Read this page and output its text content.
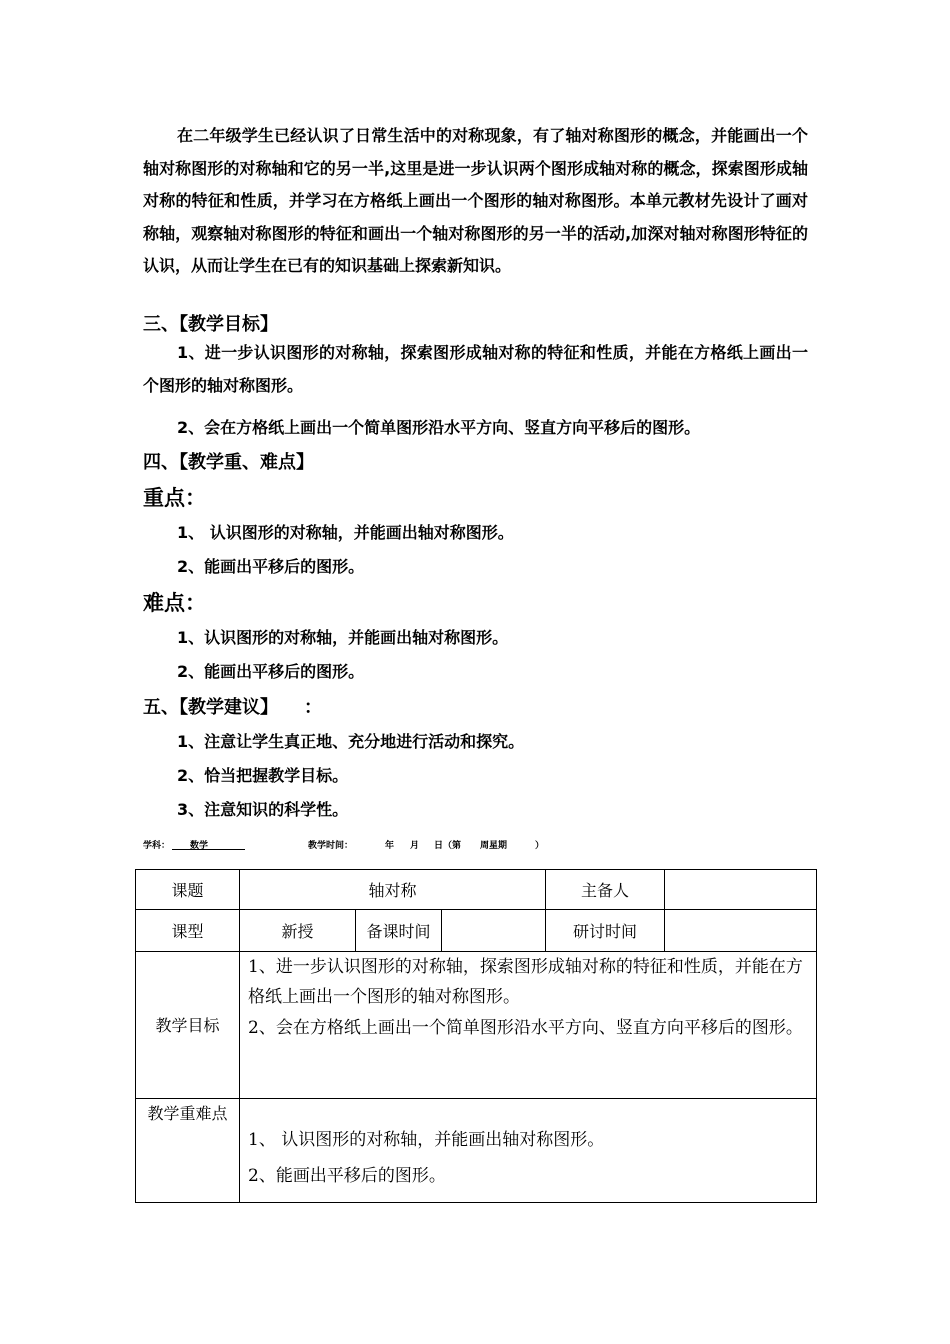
在二年级学生已经认识了日常生活中的对称现象，有了轴对称图形的概念，并能画出一个轴对称图形的对称轴和它的另一半,这里是进一步认识两个图形成轴对称的概念，探索图形成轴对称的特征和性质，并学习在方格纸上画出一个图形的轴对称图形。本单元教材先设计了画对称轴，观察轴对称图形的特征和画出一个轴对称图形的另一半的活动,加深对轴对称图形特征的认识，从而让学生在已有的知识基础上探索新知识。

三、【教学目标】

1、进一步认识图形的对称轴，探索图形成轴对称的特征和性质，并能在方格纸上画出一个图形的轴对称图形。

2、会在方格纸上画出一个简单图形沿水平方向、竖直方向平移后的图形。
四、【教学重、难点】
重点：
1、 认识图形的对称轴，并能画出轴对称图形。
2、能画出平移后的图形。
难点：
1、认识图形的对称轴，并能画出轴对称图形。
2、能画出平移后的图形。
五、【教学建议】 ：
1、注意让学生真正地、充分地进行活动和探究。
2、恰当把握教学目标。
3、注意知识的科学性。
学科：	数学	教学时间：	年 月 日（第 周星期	）
课题	轴对称			主备人	
课型	新授	备课时间		研讨时间	
教学目标	1、进一步认识图形的对称轴，探索图形成轴对称的特征和性质，并能在方格纸上画出一个图形的轴对称图形。

2、会在方格纸上画出一个简单图形沿水平方向、竖直方向平移后的图形。				

教学重难点	1、 认识图形的对称轴，并能画出轴对称图形。

2、能画出平移后的图形。				
